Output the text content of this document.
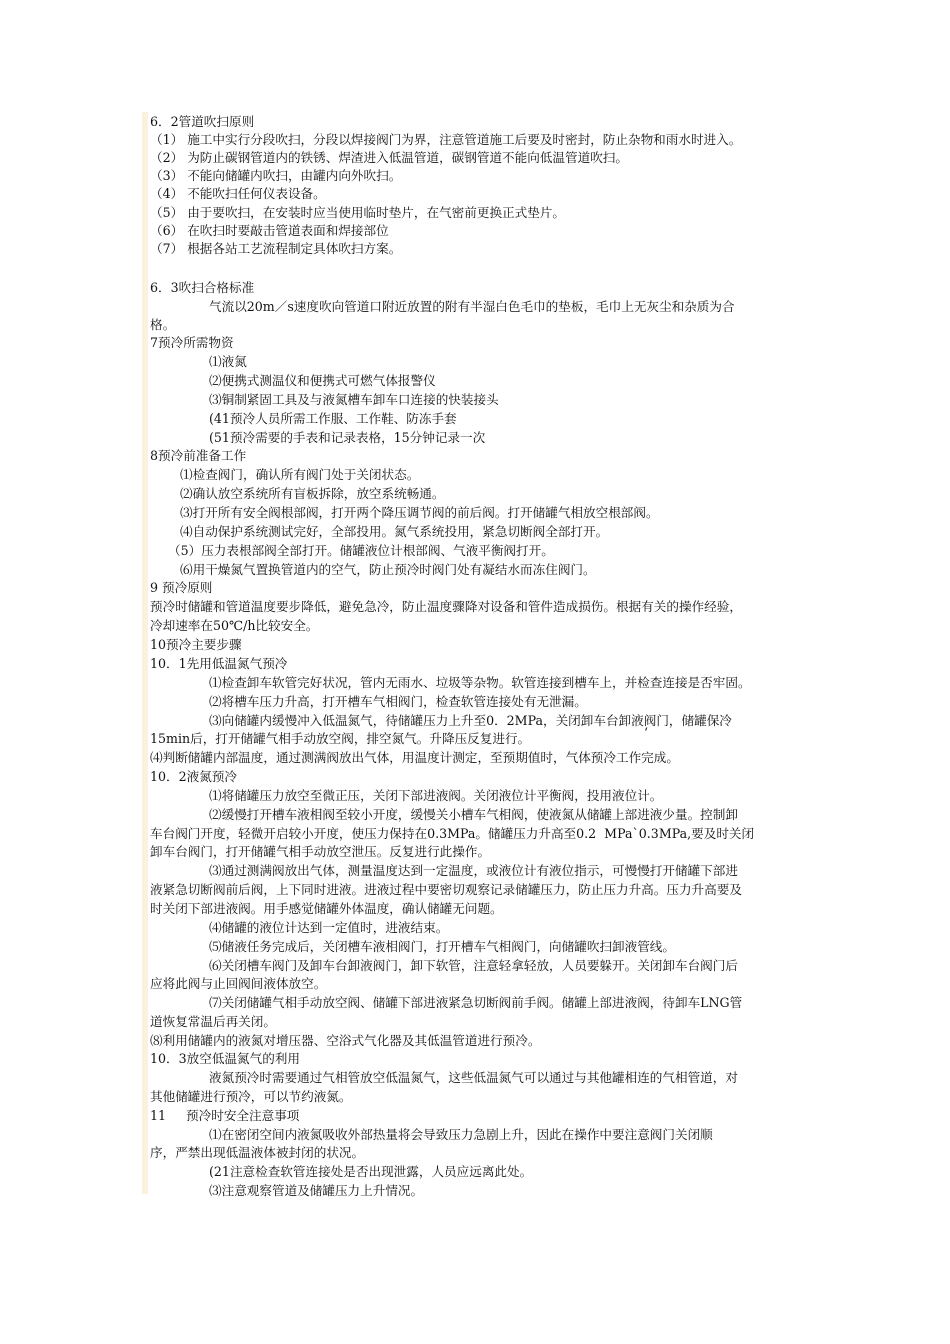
6．2管道吹扫原则
（1） 施工中实行分段吹扫，分段以焊接阀门为界，注意管道施工后要及时密封，防止杂物和雨水时进入。
（2） 为防止碳钢管道内的铁锈、焊渣进入低温管道，碳钢管道不能向低温管道吹扫。
（3） 不能向储罐内吹扫，由罐内向外吹扫。
（4） 不能吹扫任何仪表设备。
（5） 由于要吹扫，在安装时应当使用临时垫片，在气密前更换正式垫片。
（6） 在吹扫时要敲击管道表面和焊接部位
（7） 根据各站工艺流程制定具体吹扫方案。
6．3吹扫合格标准
气流以20m／s速度吹向管道口附近放置的附有半湿白色毛巾的垫板，毛巾上无灰尘和杂质为合
格。
7预冷所需物资
⑴液氮
⑵便携式测温仪和便携式可燃气体报警仪
⑶铜制紧固工具及与液氮槽车卸车口连接的快装接头
(41预冷人员所需工作服、工作鞋、防冻手套
(51预冷需要的手表和记录表格，15分钟记录一次
8预冷前准备工作
⑴检查阀门，确认所有阀门处于关闭状态。
⑵确认放空系统所有盲板拆除，放空系统畅通。
⑶打开所有安全阀根部阀，打开两个降压调节阀的前后阀。打开储罐气相放空根部阀。
⑷自动保护系统测试完好，全部投用。氮气系统投用，紧急切断阀全部打开。
（5）压力表根部阀全部打开。储罐液位计根部阀、气液平衡阀打开。
⑹用干燥氮气置换管道内的空气，防止预冷时阀门处有凝结水而冻住阀门。
9 预冷原则
预冷时储罐和管道温度要步降低，避免急冷，防止温度骤降对设备和管件造成损伤。根据有关的操作经验，
冷却速率在50℃/h比较安全。
10预冷主要步骤
10．1先用低温氮气预冷
⑴检查卸车软管完好状况，管内无雨水、垃圾等杂物。软管连接到槽车上，并检查连接是否牢固。
⑵将槽车压力升高，打开槽车气相阀门，检查软管连接处有无泄漏。
⑶向储罐内缓慢冲入低温氮气，待储罐压力上升至0．2MPa，关闭卸车台卸液阀门，储罐保冷
15min后，打开储罐气相手动放空阀，排空氮气。升降压反复进行。	‘
⑷判断储罐内部温度，通过测满阀放出气体，用温度计测定，至预期值时，气体预冷工作完成。
10．2液氮预冷
⑴将储罐压力放空至微正压，关闭下部进液阀。关闭液位计平衡阀，投用液位计。
⑵缓慢打开槽车液相阀至较小开度，缓慢关小槽车气相阀，使液氮从储罐上部进液少量。控制卸
车台阀门开度，轻微开启较小开度，使压力保持在0.3MPa。储罐压力升高至0.2  MPa`0.3MPa,要及时关闭
卸车台阀门，打开储罐气相手动放空泄压。反复进行此操作。
⑶通过测满阀放出气体，测量温度达到一定温度，或液位计有液位指示，可慢慢打开储罐下部进
液紧急切断阀前后阀，上下同时进液。进液过程中要密切观察记录储罐压力，防止压力升高。压力升高要及
时关闭下部进液阀。用手感觉储罐外体温度，确认储罐无问题。
⑷储罐的液位计达到一定值时，进液结束。
⑸储液任务完成后，关闭槽车液相阀门，打开槽车气相阀门，向储罐吹扫卸液管线。
⑹关闭槽车阀门及卸车台卸液阀门，卸下软管，注意轻拿轻放，人员要躲开。关闭卸车台阀门后
应将此阀与止回阀间液体放空。
⑺关闭储罐气相手动放空阀、储罐下部进液紧急切断阀前手阀。储罐上部进液阀，待卸车LNG管
道恢复常温后再关闭。
⑻利用储罐内的液氮对增压器、空浴式气化器及其低温管道进行预冷。
10．3放空低温氮气的利用
液氮预冷时需要通过气相管放空低温氮气，这些低温氮气可以通过与其他罐相连的气相管道，对
其他储罐进行预冷，可以节约液氮。
11     预冷时安全注意事项
⑴在密闭空间内液氮吸收外部热量将会导致压力急剧上升，因此在操作中要注意阀门关闭顺
序，严禁出现低温液体被封闭的状况。
(21注意检查软管连接处是否出现泄露，人员应远离此处。
⑶注意观察管道及储罐压力上升情况。
